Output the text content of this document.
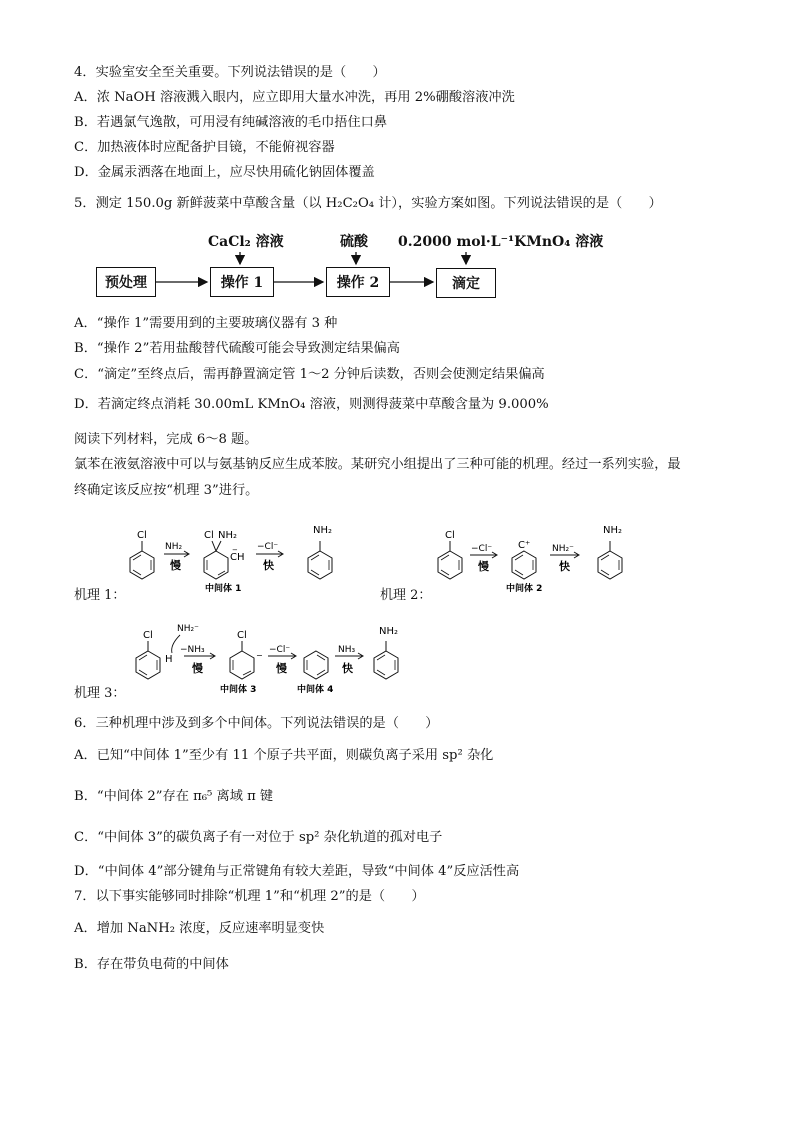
4．实验室安全至关重要。下列说法错误的是（　　）
A．浓 NaOH 溶液溅入眼内，应立即用大量水冲洗，再用 2%硼酸溶液冲洗
B．若遇氯气逸散，可用浸有纯碱溶液的毛巾捂住口鼻
C．加热液体时应配备护目镜，不能俯视容器
D．金属汞洒落在地面上，应尽快用硫化钠固体覆盖
5．测定 150.0g 新鲜菠菜中草酸含量（以 H₂C₂O₄ 计），实验方案如图。下列说法错误的是（　　）
CaCl₂ 溶液	硫酸 0.2000 mol·L⁻¹KMnO₄ 溶液
预处理	操作 1	操作 2	滴定
A．“操作 1”需要用到的主要玻璃仪器有 3 种
B．“操作 2”若用盐酸替代硫酸可能会导致测定结果偏高
C．“滴定”至终点后，需再静置滴定管 1～2 分钟后读数，否则会使测定结果偏高
D．若滴定终点消耗 30.00mL KMnO₄ 溶液，则测得菠菜中草酸含量为 9.000%
阅读下列材料，完成 6～8 题。
氯苯在液氨溶液中可以与氨基钠反应生成苯胺。某研究小组提出了三种可能的机理。经过一系列实验，最
终确定该反应按“机理 3”进行。
机理 1：
Cl
NH₂
慢
Cl NH₂
CH
−
中间体 1
−Cl⁻
快
NH₂
机理 2：
Cl
−Cl⁻
慢
C⁺
中间体 2
NH₂⁻
快
NH₂
机理 3：
Cl
H
NH₂⁻
−NH₃
慢
Cl
−
中间体 3
−Cl⁻
慢
中间体 4
NH₃
快
NH₂
6．三种机理中涉及到多个中间体。下列说法错误的是（　　）
A．已知“中间体 1”至少有 11 个原子共平面，则碳负离子采用 sp² 杂化
B．“中间体 2”存在 π₆⁵ 离域 π 键
C．“中间体 3”的碳负离子有一对位于 sp² 杂化轨道的孤对电子
D．“中间体 4”部分键角与正常键角有较大差距，导致“中间体 4”反应活性高
7．以下事实能够同时排除“机理 1”和“机理 2”的是（　　）
A．增加 NaNH₂ 浓度，反应速率明显变快
B．存在带负电荷的中间体
